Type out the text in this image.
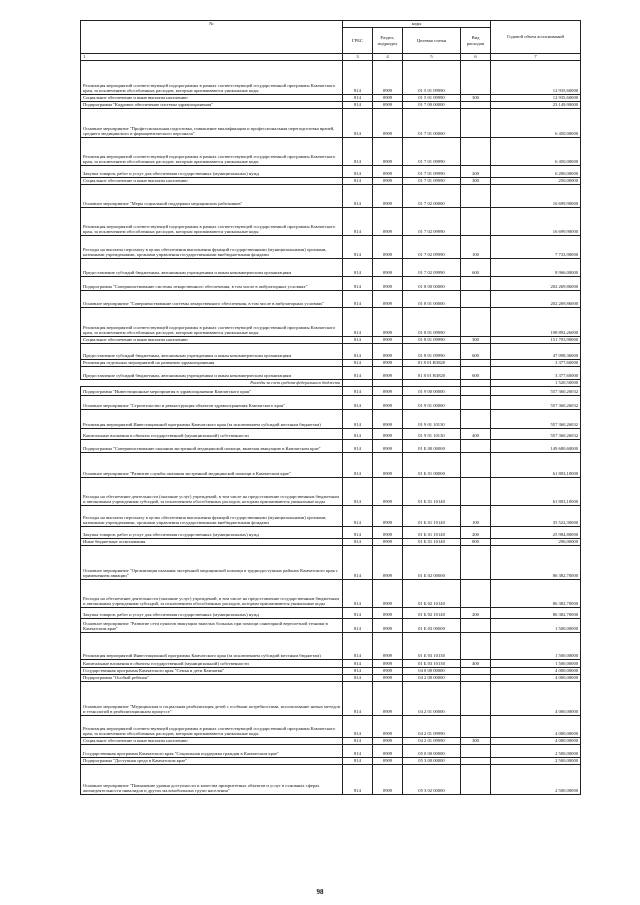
№	коды				Годовой объем ассигнований
	ГРБС	Раздел, подраздел	Целевая статья	Вид расходов	
1	3	4	5	6	7
Реализация мероприятий соответствующей подпрограммы в рамках соответствующей государственной программы Камчатского края, за исключением обособленных расходов, которым присваиваются уникальные коды	814	0909	01 5 01 09990		12 935,60000
Социальное обеспечение и иные выплаты населению	814	0909	01 5 01 09990	300	12 935,60000
Подпрограмма "Кадровое обеспечение системы здравоохранения"	814	0909	01 7 00 00000		23 149,90000
Основное мероприятие "Профессиональная подготовка, повышение квалификации и профессиональная переподготовка врачей, среднего медицинского и фармацевтического персонала"	814	0909	01 7 01 00000		6 450,00000
Реализация мероприятий соответствующей подпрограммы в рамках соответствующей государственной программы Камчатского края, за исключением обособленных расходов, которым присваиваются уникальные коды	814	0909	01 7 01 09990		6 450,00000
Закупка товаров, работ и услуг для обеспечения государственных (муниципальных) нужд	814	0909	01 7 01 09990	200	6 200,00000
Социальное обеспечение и иные выплаты населению	814	0909	01 7 01 09990	300	250,00000
Основное мероприятие "Меры социальной поддержки медицинских работников"	814	0909	01 7 02 00000		16 699,90000
Реализация мероприятий соответствующей подпрограммы в рамках соответствующей государственной программы Камчатского края, за исключением обособленных расходов, которым присваиваются уникальные коды	814	0909	01 7 02 09990		16 699,90000
Расходы на выплаты персоналу в целях обеспечения выполнения функций государственными (муниципальными) органами, казенными учреждениями, органами управления государственными внебюджетными фондами	814	0909	01 7 02 09990	100	7 733,90000
Предоставление субсидий бюджетным, автономным учреждениям и иным некоммерческим организациям	814	0909	01 7 02 09990	600	8 966,00000
Подпрограмма "Совершенствование системы лекарственного обеспечения, в том числе в амбулаторных условиях"	814	0909	01 8 00 00000		202 269,86000
Основное мероприятие "Совершенствование системы лекарственного обеспечения, в том числе в амбулаторных условиях"	814	0909	01 8 01 00000		202 269,86000
Реализация мероприятий соответствующей подпрограммы в рамках соответствующей государственной программы Камчатского края, за исключением обособленных расходов, которым присваиваются уникальные коды	814	0909	01 8 01 09990		198 892,26000
Социальное обеспечение и иные выплаты населению	814	0909	01 8 01 09990	300	151 793,90000
Предоставление субсидий бюджетным, автономным учреждениям и иным некоммерческим организациям	814	0909	01 8 01 09990	600	47 098,36000
Реализация отдельных мероприятий по развитию здравоохранения	814	0909	01 8 01 R3820		3 377,60000
Предоставление субсидий бюджетным, автономным учреждениям и иным некоммерческим организациям	814	0909	01 8 01 R3820	600	3 377,60000
Расходы за счет средств федерального бюджета					1 520,50000
Подпрограмма "Инвестиционные мероприятия в здравоохранении Камчатского края"	814	0909	01 9 00 00000		557 360,26032
Основное мероприятие "Строительство и реконструкция объектов здравоохранения Камчатского края"	814	0909	01 9 01 00000		557 360,26032
Реализация мероприятий Инвестиционной программы Камчатского края (за исключением субсидий местным бюджетам)	814	0909	01 9 01 10130		557 360,26032
Капитальные вложения в объекты государственной (муниципальной) собственности	814	0909	01 9 01 10130	400	557 360,26032
Подпрограмма "Совершенствование оказания экстренной медицинской помощи, включая эвакуацию в Камчатском крае"	814	0909	01 Б 00 00000		149 680,60000
Основное мероприятие "Развитие службы оказания экстренной медицинской помощи в Камчатском крае"	814	0909	01 Б 01 00000		61 803,10000
Расходы на обеспечение деятельности (оказание услуг) учреждений, в том числе на предоставление государственным бюджетным и автономным учреждениям субсидий, за исключением обособленных расходов, которым присваиваются уникальные коды	814	0909	01 Б 01 10140		61 803,10000
Расходы на выплаты персоналу в целях обеспечения выполнения функций государственными (муниципальными) органами, казенными учреждениями, органами управления государственными внебюджетными фондами	814	0909	01 Б 01 10140	100	35 522,30000
Закупка товаров, работ и услуг для обеспечения государственных (муниципальных) нужд	814	0909	01 Б 01 10140	200	25 984,80000
Иные бюджетные ассигнования	814	0909	01 Б 01 10140	800	296,00000
Основное мероприятие "Организация оказания экстренной медицинской помощи в труднодоступных районах Камчатского края с применением авиации"	814	0909	01 Б 02 00000		86 382,70000
Расходы на обеспечение деятельности (оказание услуг) учреждений, в том числе на предоставление государственным бюджетным и автономным учреждениям субсидий, за исключением обособленных расходов, которым присваиваются уникальные коды	814	0909	01 Б 02 10140		86 382,70000
Закупка товаров, работ и услуг для обеспечения государственных (муниципальных) нужд	814	0909	01 Б 02 10140	200	86 382,70000
Основное мероприятие "Развитие сети пунктов эвакуации тяжелых больных при помощи санитарной вертолетной техники в Камчатском крае"	814	0909	01 Б 03 00000		1 500,00000
Реализация мероприятий Инвестиционной программы Камчатского края (за исключением субсидий местным бюджетам)	814	0909	01 Б 03 10130		1 500,00000
Капитальные вложения в объекты государственной (муниципальной) собственности	814	0909	01 Б 03 10130	400	1 500,00000
Государственная программа Камчатского края "Семья и дети Камчатки"	814	0909	04 0 00 00000		4 000,00000
Подпрограмма "Особый ребенок"	814	0909	04 2 00 00000		4 000,00000
Основное мероприятие "Медицинская и социальная реабилитация детей с особыми потребностями, использование новых методов и технологий в реабилитационном процессе"	814	0909	04 2 01 00000		4 000,00000
Реализация мероприятий соответствующей подпрограммы в рамках соответствующей государственной программы Камчатского края, за исключением обособленных расходов, которым присваиваются уникальные коды	814	0909	04 2 01 09990		4 000,00000
Социальное обеспечение и иные выплаты населению	814	0909	04 2 01 09990	300	4 000,00000
Государственная программа Камчатского края "Социальная поддержка граждан в Камчатском крае"	814	0909	05 0 00 00000		2 500,00000
Подпрограмма "Доступная среда в Камчатском крае"	814	0909	05 3 00 00000		2 500,00000
Основное мероприятие "Повышение уровня доступности и качества приоритетных объектов и услуг в основных сферах жизнедеятельности инвалидов и других маломобильных групп населения"	814	0909	05 3 02 00000		2 500,00000
98
